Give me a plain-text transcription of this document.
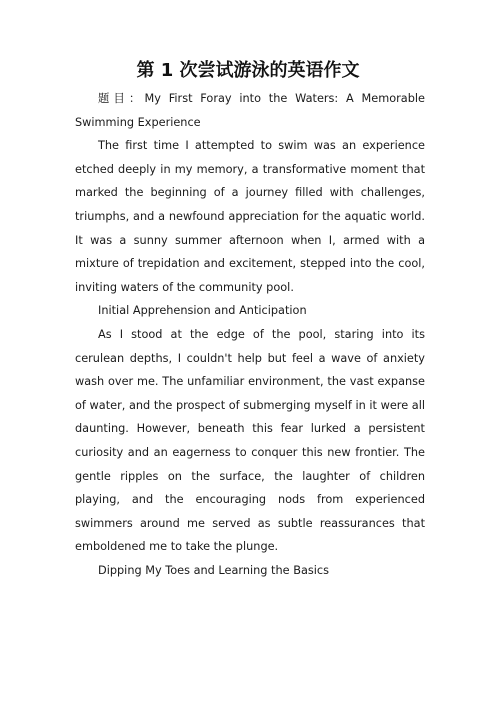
第 1 次尝试游泳的英语作文

题目：My First Foray into the Waters: A Memorable Swimming Experience

The first time I attempted to swim was an experience etched deeply in my memory, a transformative moment that marked the beginning of a journey filled with challenges, triumphs, and a newfound appreciation for the aquatic world. It was a sunny summer afternoon when I, armed with a mixture of trepidation and excitement, stepped into the cool, inviting waters of the community pool.

Initial Apprehension and Anticipation

As I stood at the edge of the pool, staring into its cerulean depths, I couldn't help but feel a wave of anxiety wash over me. The unfamiliar environment, the vast expanse of water, and the prospect of submerging myself in it were all daunting. However, beneath this fear lurked a persistent curiosity and an eagerness to conquer this new frontier. The gentle ripples on the surface, the laughter of children playing, and the encouraging nods from experienced swimmers around me served as subtle reassurances that emboldened me to take the plunge.

Dipping My Toes and Learning the Basics
